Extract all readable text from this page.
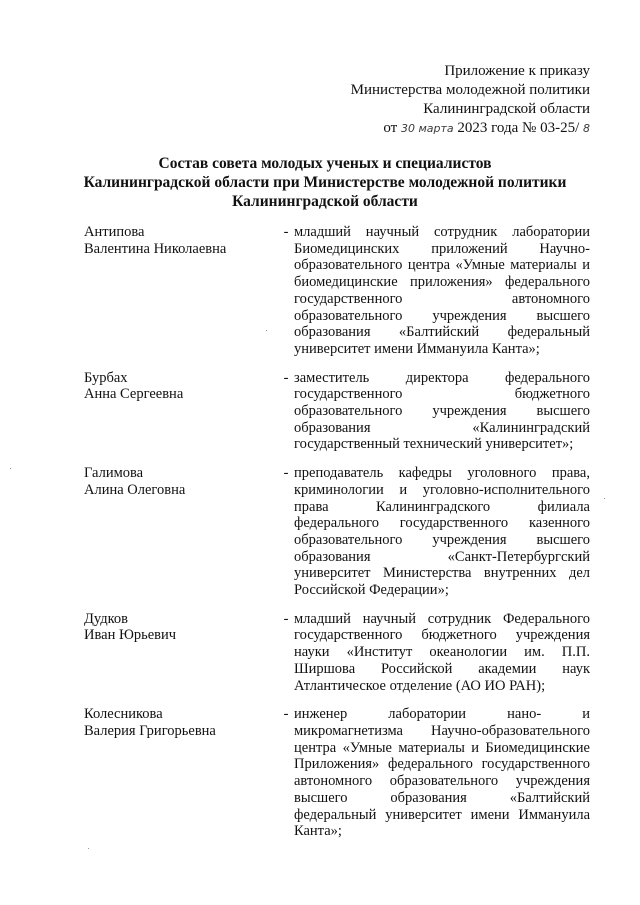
Приложение к приказу
Министерства молодежной политики
Калининградской области
от 30 марта 2023 года № 03-25/ 8
Состав совета молодых ученых и специалистов
Калининградской области при Министерстве молодежной политики
Калининградской области
Антипова
Валентина Николаевна
- младший научный сотрудник лаборатории Биомедицинских приложений Научно- образовательного центра «Умные материалы и биомедицинские приложения» федерального государственного автономного образовательного учреждения высшего образования «Балтийский федеральный университет имени Иммануила Канта»;
Бурбах
Анна Сергеевна
- заместитель директора федерального государственного бюджетного образовательного учреждения высшего образования «Калининградский государственный технический университет»;
Галимова
Алина Олеговна
- преподаватель кафедры уголовного права, криминологии и уголовно-исполнительного права Калининградского филиала федерального государственного казенного образовательного учреждения высшего образования «Санкт-Петербургский университет Министерства внутренних дел Российской Федерации»;
Дудков
Иван Юрьевич
- младший научный сотрудник Федерального государственного бюджетного учреждения науки «Институт океанологии им. П.П. Ширшова Российской академии наук Атлантическое отделение (АО ИО РАН);
Колесникова
Валерия Григорьевна
- инженер лаборатории нано- и микромагнетизма Научно-образовательного центра «Умные материалы и Биомедицинские Приложения» федерального государственного автономного образовательного учреждения высшего образования «Балтийский федеральный университет имени Иммануила Канта»;
